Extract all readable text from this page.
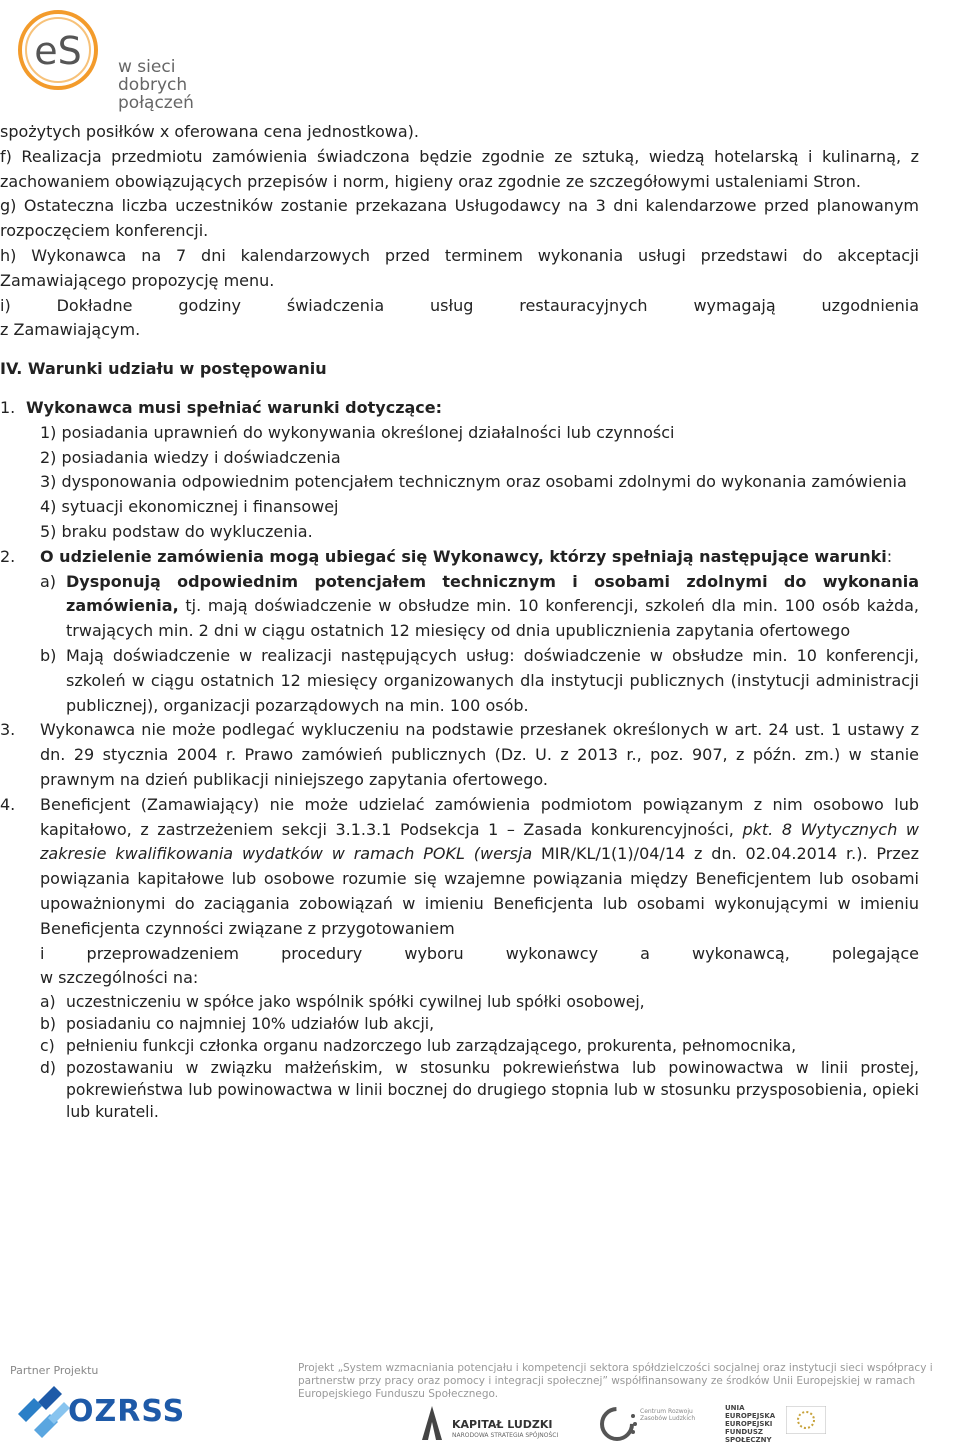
eS w sieci
dobrych połączeń

spożytych posiłków x oferowana cena jednostkowa).

f) Realizacja przedmiotu zamówienia świadczona będzie zgodnie ze sztuką, wiedzą hotelarską i kulinarną, z zachowaniem obowiązujących przepisów i norm, higieny oraz zgodnie ze szczegółowymi ustaleniami Stron.

g) Ostateczna liczba uczestników zostanie przekazana Usługodawcy na 3 dni kalendarzowe przed planowanym rozpoczęciem konferencji.

h) Wykonawca na 7 dni kalendarzowych przed terminem wykonania usługi przedstawi do akceptacji Zamawiającego propozycję menu.

i) Dokładne godziny świadczenia usług restauracyjnych wymagają uzgodnienia

z Zamawiającym.

IV. Warunki udziału w postępowaniu

1. Wykonawca musi spełniać warunki dotyczące:
1) posiadania uprawnień do wykonywania określonej działalności lub czynności
2) posiadania wiedzy i doświadczenia
3) dysponowania odpowiednim potencjałem technicznym oraz osobami zdolnymi do wykonania zamówienia
4) sytuacji ekonomicznej i finansowej
5) braku podstaw do wykluczenia.
2.	O udzielenie zamówienia mogą ubiegać się Wykonawcy, którzy spełniają następujące warunki:
a) Dysponują odpowiednim potencjałem technicznym i osobami zdolnymi do wykonania zamówienia, tj. mają doświadczenie w obsłudze min. 10 konferencji, szkoleń dla min. 100 osób każda, trwających min. 2 dni w ciągu ostatnich 12 miesięcy od dnia upublicznienia zapytania ofertowego
b) Mają doświadczenie w realizacji następujących usług: doświadczenie w obsłudze min. 10 konferencji, szkoleń w ciągu ostatnich 12 miesięcy organizowanych dla instytucji publicznych (instytucji administracji publicznej), organizacji pozarządowych na min. 100 osób.
3.	Wykonawca nie może podlegać wykluczeniu na podstawie przesłanek określonych w art. 24 ust. 1 ustawy z dn. 29 stycznia 2004 r. Prawo zamówień publicznych (Dz. U. z 2013 r., poz. 907, z późn. zm.) w stanie prawnym na dzień publikacji niniejszego zapytania ofertowego.
4.	Beneficjent (Zamawiający) nie może udzielać zamówienia podmiotom powiązanym z nim osobowo lub kapitałowo, z zastrzeżeniem sekcji 3.1.3.1 Podsekcja 1 – Zasada konkurencyjności, pkt. 8 Wytycznych w zakresie kwalifikowania wydatków w ramach POKL (wersja MIR/KL/1(1)/04/14 z dn. 02.04.2014 r.). Przez powiązania kapitałowe lub osobowe rozumie się wzajemne powiązania między Beneficjentem lub osobami upoważnionymi do zaciągania zobowiązań w imieniu Beneficjenta lub osobami wykonującymi w imieniu Beneficjenta czynności związane z przygotowaniem
i przeprowadzeniem procedury wyboru wykonawcy a wykonawcą, polegające
w szczególności na:
a) uczestniczeniu w spółce jako wspólnik spółki cywilnej lub spółki osobowej,
b) posiadaniu co najmniej 10% udziałów lub akcji,
c) pełnieniu funkcji członka organu nadzorczego lub zarządzającego, prokurenta, pełnomocnika,
d) pozostawaniu w związku małżeńskim, w stosunku pokrewieństwa lub powinowactwa w linii prostej, pokrewieństwa lub powinowactwa w linii bocznej do drugiego stopnia lub w stosunku przysposobienia, opieki lub kurateli.
Partner Projektu	Projekt „System wzmacniania potencjału i kompetencji sektora spółdzielczości socjalnej oraz instytucji sieci współpracy i partnerstw przy pracy oraz pomocy i integracji społecznej” współfinansowany ze środków Unii Europejskiej w ramach Europejskiego Funduszu Społecznego.
OZRSS	KAPITAŁ LUDZKI
NARODOWA STRATEGIA SPÓJNOŚCI
Centrum Rozwoju Zasobów Ludzkich
UNIA EUROPEJSKA EUROPEJSKI FUNDUSZ SPOŁECZNY
